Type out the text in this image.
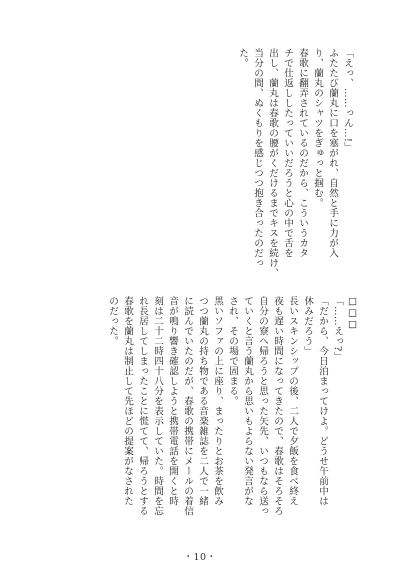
「えっ、……っん…!」
ふたたび蘭丸に口を塞がれ、自然と手に力が入
り、蘭丸のシャツをぎゅっと掴む。
春歌に翻弄されているのだから、こういうカタ
チで仕返ししたっていいだろうと心の中で舌を
出し、蘭丸は春歌の腰がくだけるまでキスを続け、
当分の間、ぬくもりを感じつつ抱き合ったのだっ
た。
□□□
「……えっ?」
「だから、今日泊まってけよ。どうせ午前中は
休みだろう」
長いスキンシップの後、二人で夕飯を食べ終え
夜も遅い時間になってきたので、春歌はそろそろ
自分の寮へ帰ろうと思った矢先、いつもなら送っ
ていくと言う蘭丸から思いもよらない発言がな
され、その場で固まる。
黒いソファの上に座り、まったりとお茶を飲み
つつ蘭丸の持ち物である音楽雑誌を二人で一緒
に読んでいたのだが、春歌の携帯にメールの着信
音が鳴り響き確認しようと携帯電話を開くと時
刻は二十二時四十八分を表示していた。時間を忘
れ長居してしまったことに慌てて、帰ろうとする
春歌を蘭丸は制止して先ほどの提案がなされた
のだった。
・10・
